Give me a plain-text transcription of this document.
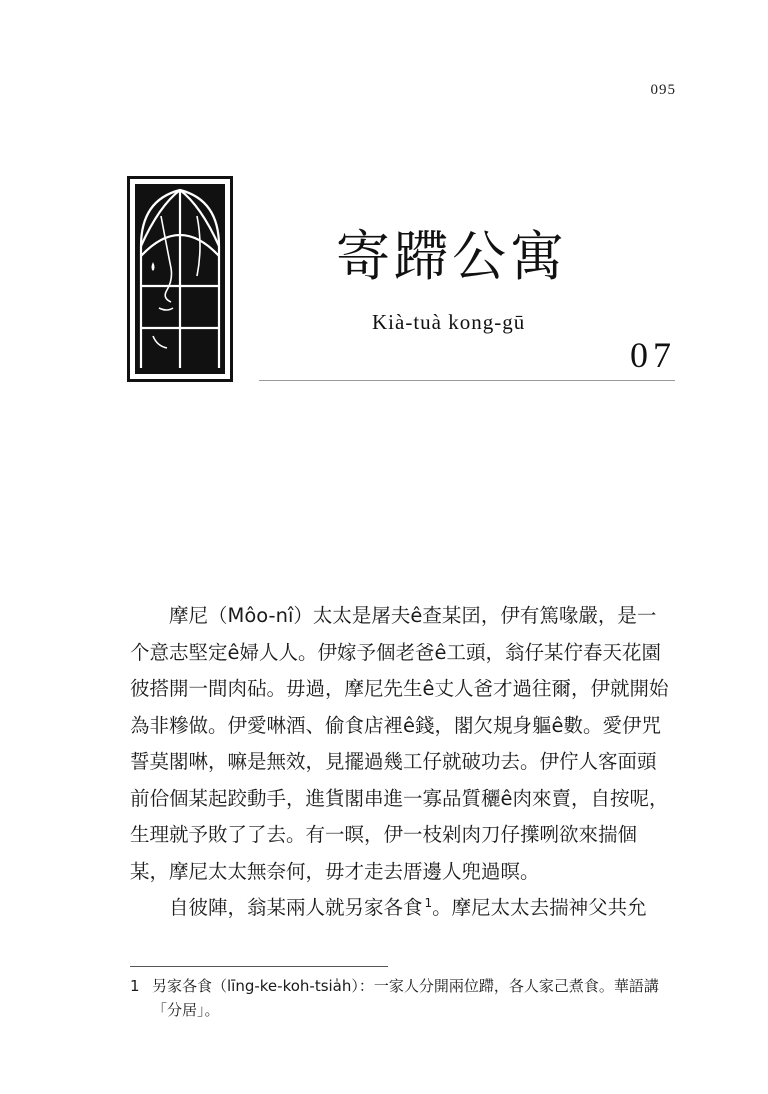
095
寄蹛公寓
Kià-tuà kong-gū
07

摩尼（Môo-nî）太太是屠夫ê查某囝，伊有篤喙嚴，是一个意志堅定ê婦人人。伊嫁予個老爸ê工頭，翁仔某佇春天花園彼搭開一間肉砧。毋過，摩尼先生ê丈人爸才過往爾，伊就開始為非糝做。伊愛啉酒、偷食店裡ê錢，閣欠規身軀ê數。愛伊咒誓莫閣啉，嘛是無效，見擺過幾工仔就破功去。伊佇人客面頭前佮個某起跤動手，進貨閣串進一寡品質穲ê肉來賣，自按呢，生理就予敗了了去。有一暝，伊一枝剁肉刀仔擛咧欲來揣個某，摩尼太太無奈何，毋才走去厝邊人兜過暝。

自彼陣，翁某兩人就另家各食 $^1$。摩尼太太去揣神父共允

1 另家各食（līng-ke-koh-tsia̍h）：一家人分開兩位蹛，各人家己煮食。華語講「分居」。
